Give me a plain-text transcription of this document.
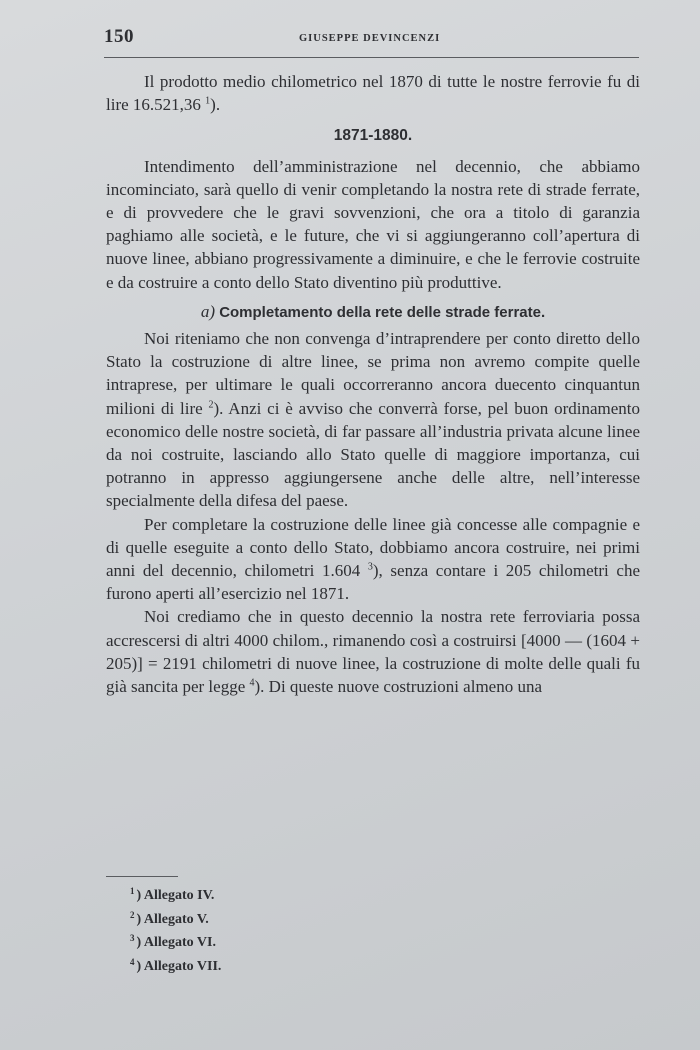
150	GIUSEPPE DEVINCENZI

Il prodotto medio chilometrico nel 1870 di tutte le nostre ferrovie fu di lire 16.521,36 $^1$).

1871-1880.

Intendimento dell’amministrazione nel decennio, che abbiamo incominciato, sarà quello di venir completando la nostra rete di strade ferrate, e di provvedere che le gravi sovvenzioni, che ora a titolo di garanzia paghiamo alle società, e le future, che vi si aggiungeranno coll’apertura di nuove linee, abbiano progressivamente a diminuire, e che le ferrovie costruite e da costruire a conto dello Stato diventino più produttive.

a) Completamento della rete delle strade ferrate.

Noi riteniamo che non convenga d’intraprendere per conto diretto dello Stato la costruzione di altre linee, se prima non avremo compite quelle intraprese, per ultimare le quali occorreranno ancora duecento cinquantun milioni di lire $^2$). Anzi ci è avviso che converrà forse, pel buon ordinamento economico delle nostre società, di far passare all’industria privata alcune linee da noi costruite, lasciando allo Stato quelle di maggiore importanza, cui potranno in appresso aggiungersene anche delle altre, nell’interesse specialmente della difesa del paese.

Per completare la costruzione delle linee già concesse alle compagnie e di quelle eseguite a conto dello Stato, dobbiamo ancora costruire, nei primi anni del decennio, chilometri 1.604 $^3$), senza contare i 205 chilometri che furono aperti all’esercizio nel 1871.

Noi crediamo che in questo decennio la nostra rete ferroviaria possa accrescersi di altri 4000 chilom., rimanendo così a costruirsi [4000 — (1604 + 205)] = 2191 chilometri di nuove linee, la costruzione di molte delle quali fu già sancita per legge $^4$). Di queste nuove costruzioni almeno una

$^1$ ) Allegato IV.
$^2$ ) Allegato V.
$^3$ ) Allegato VI.
$^4$ ) Allegato VII.
